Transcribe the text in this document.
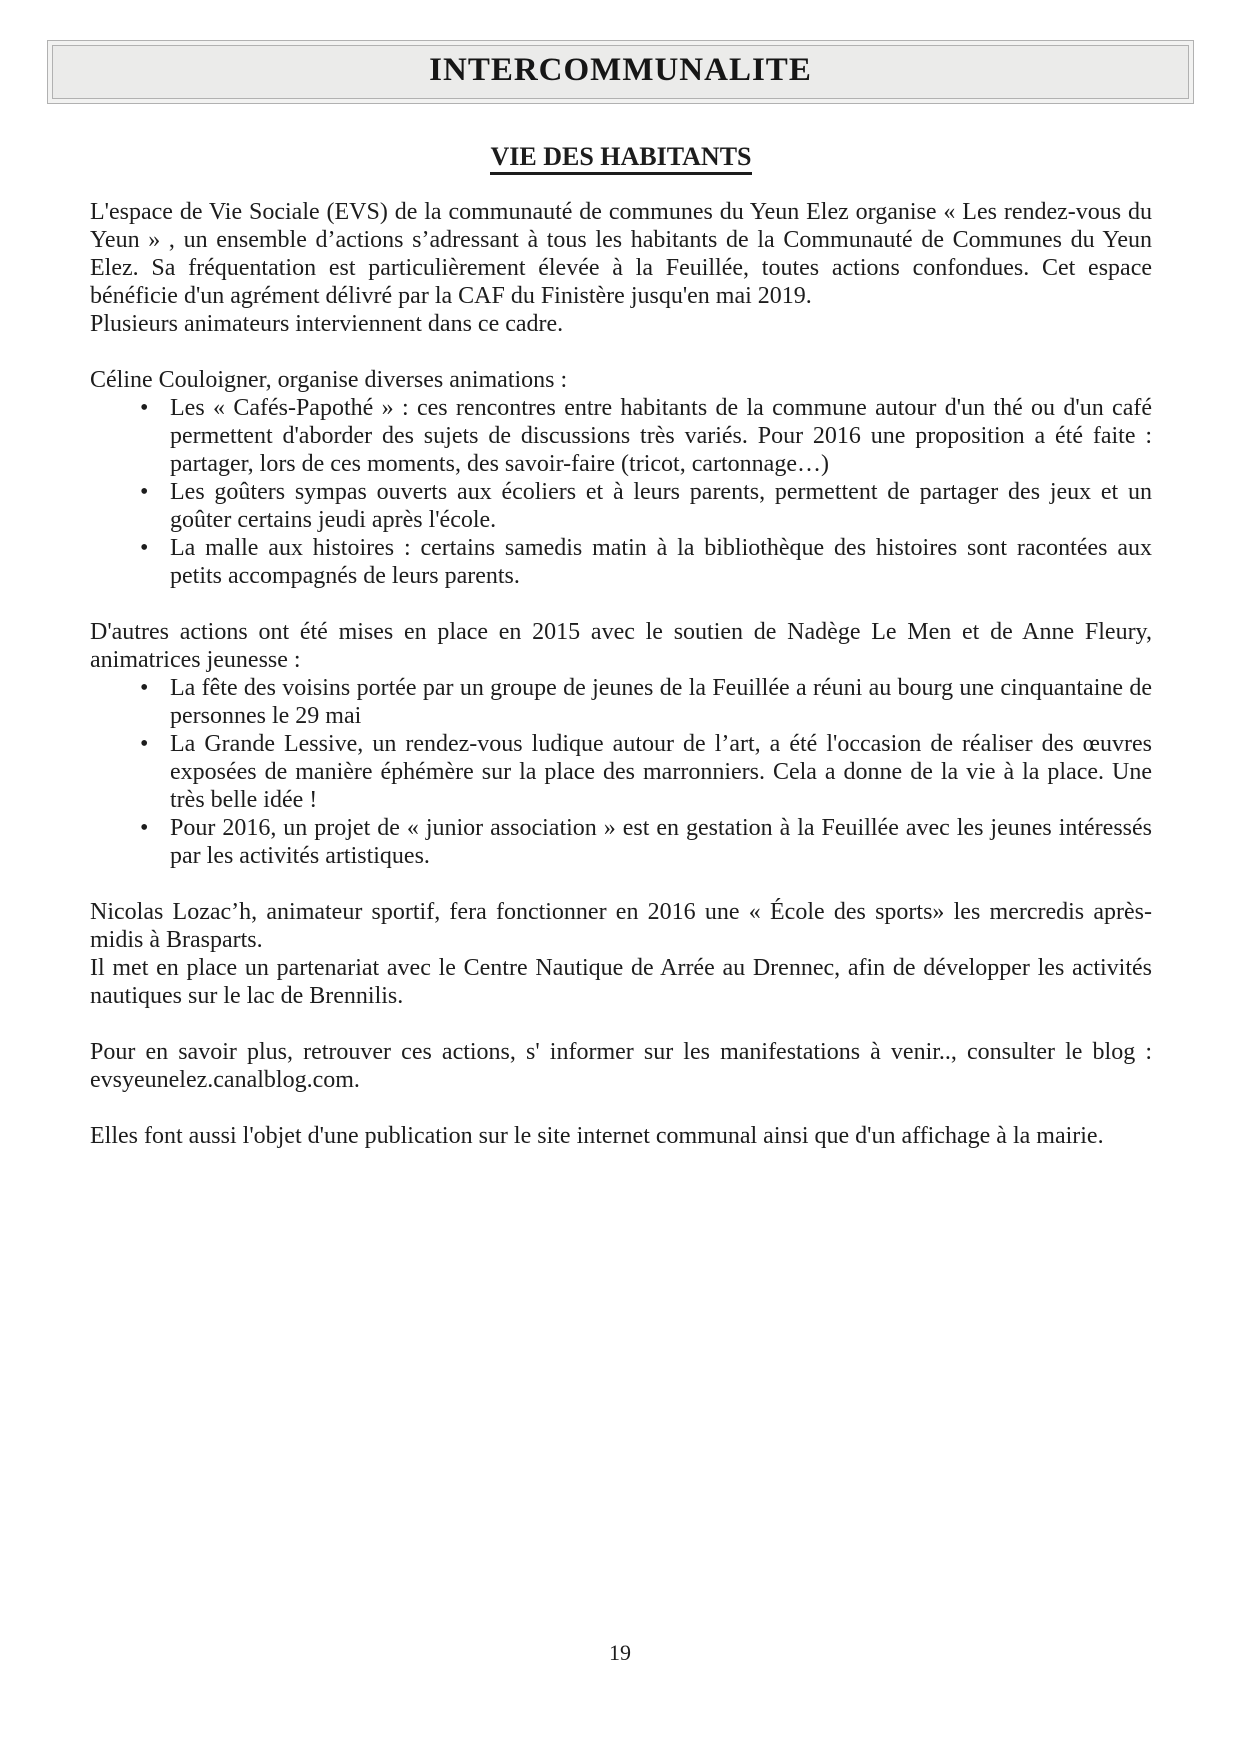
INTERCOMMUNALITE
VIE DES HABITANTS

L'espace de Vie Sociale (EVS) de la communauté de communes du Yeun Elez organise « Les rendez-vous du Yeun » , un ensemble d’actions s’adressant à tous les habitants de la Communauté de Communes du Yeun Elez. Sa fréquentation est particulièrement élevée à la Feuillée, toutes actions confondues. Cet espace bénéficie d'un agrément délivré par la CAF du Finistère jusqu'en mai 2019.

Plusieurs animateurs interviennent dans ce cadre.

Céline Couloigner, organise diverses animations :

• Les « Cafés-Papothé » : ces rencontres entre habitants de la commune autour d'un thé ou d'un café permettent d'aborder des sujets de discussions très variés. Pour 2016 une proposition a été faite : partager, lors de ces moments, des savoir-faire (tricot, cartonnage…)
• Les goûters sympas ouverts aux écoliers et à leurs parents, permettent de partager des jeux et un goûter certains jeudi après l'école.
• La malle aux histoires : certains samedis matin à la bibliothèque des histoires sont racontées aux petits accompagnés de leurs parents.

D'autres actions ont été mises en place en 2015 avec le soutien de Nadège Le Men et de Anne Fleury, animatrices jeunesse :

• La fête des voisins portée par un groupe de jeunes de la Feuillée a réuni au bourg une cinquantaine de personnes le 29 mai
• La Grande Lessive, un rendez-vous ludique autour de l’art, a été l'occasion de réaliser des œuvres exposées de manière éphémère sur la place des marronniers. Cela a donne de la vie à la place. Une très belle idée !
• Pour 2016, un projet de « junior association » est en gestation à la Feuillée avec les jeunes intéressés par les activités artistiques.

Nicolas Lozac’h, animateur sportif, fera fonctionner en 2016 une « École des sports» les mercredis après-midis à Brasparts.

Il met en place un partenariat avec le Centre Nautique de Arrée au Drennec, afin de développer les activités nautiques sur le lac de Brennilis.

Pour en savoir plus, retrouver ces actions, s' informer sur les manifestations à venir.., consulter le blog : evsyeunelez.canalblog.com.

Elles font aussi l'objet d'une publication sur le site internet communal ainsi que d'un affichage à la mairie.

19
